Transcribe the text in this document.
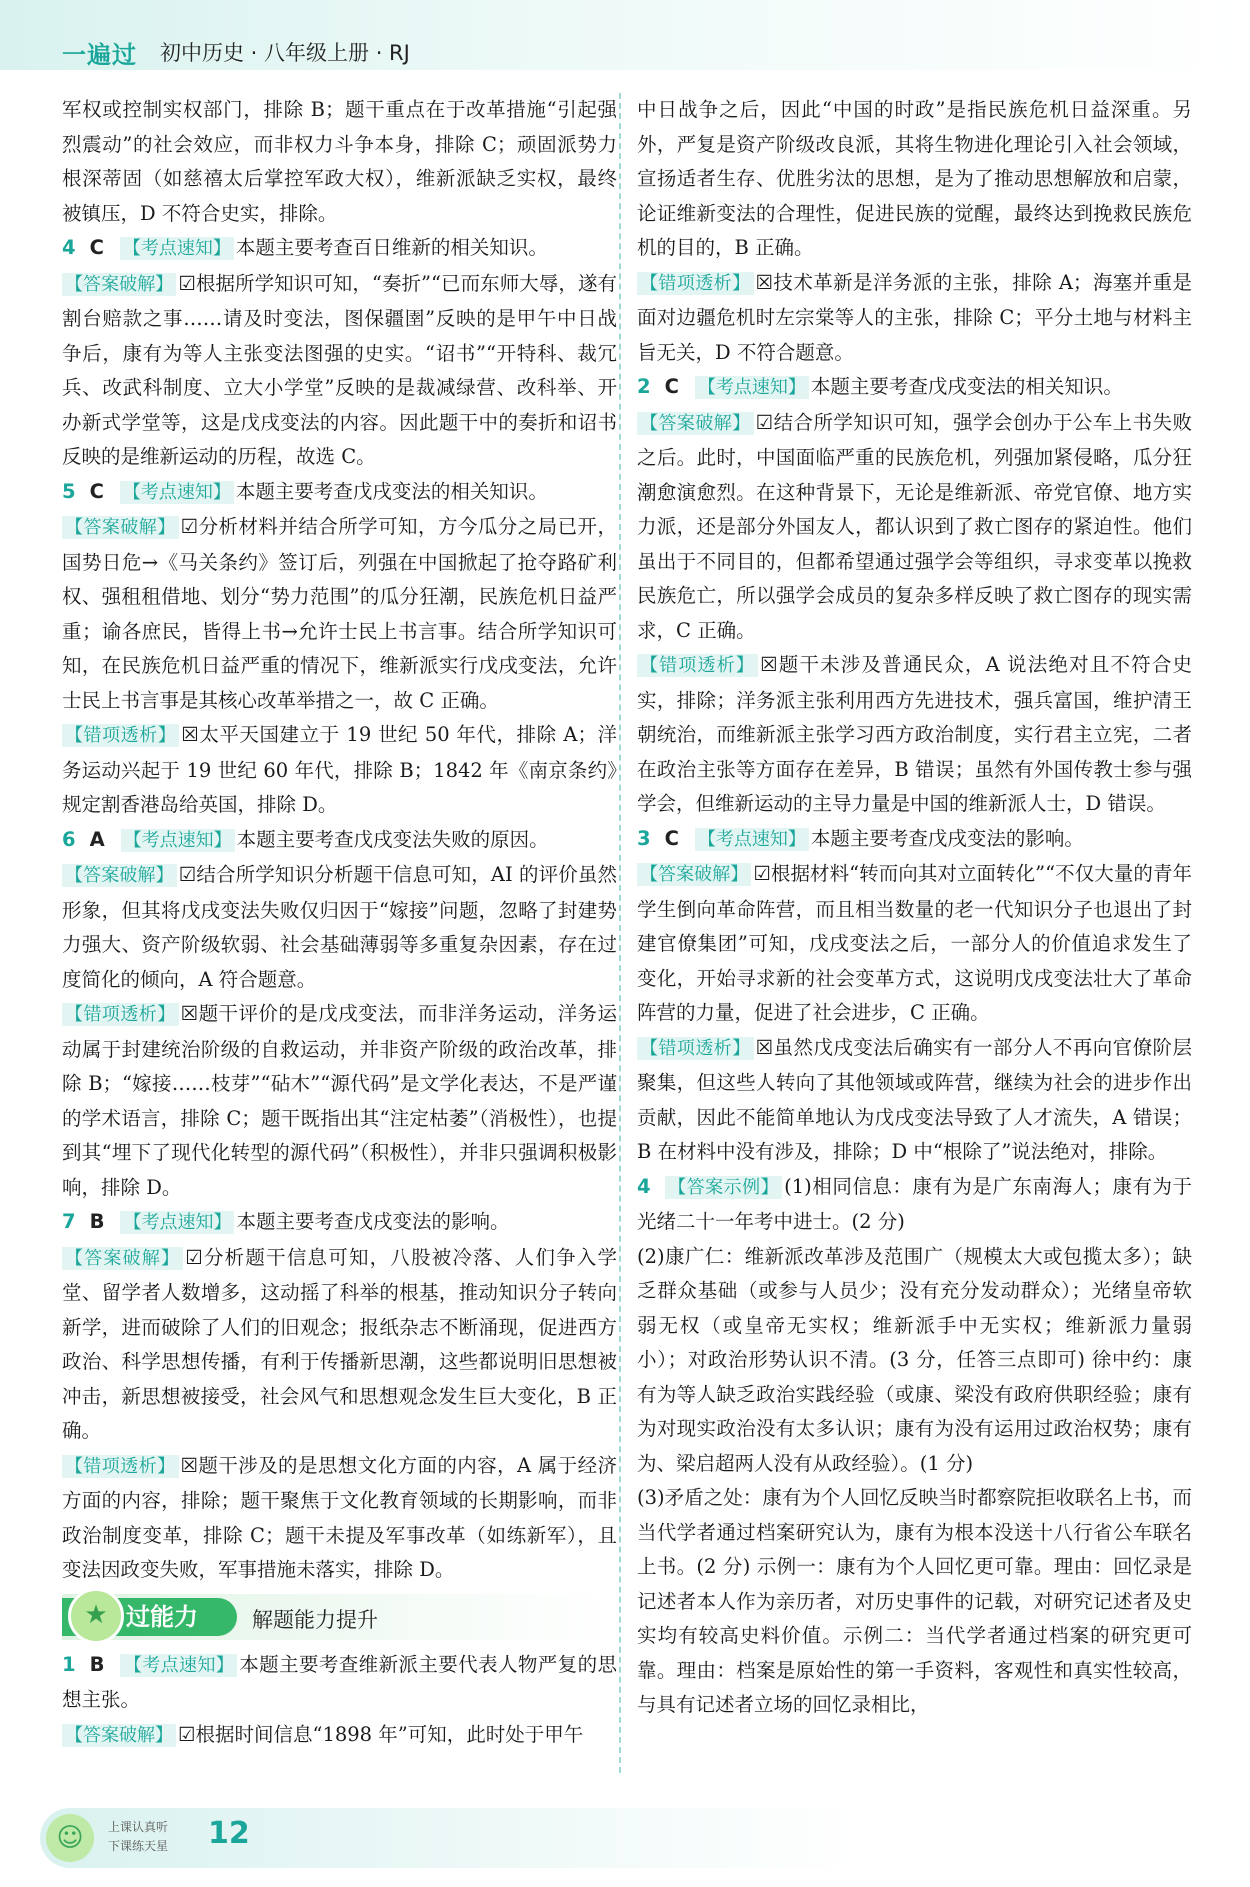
一遍过 初中历史 · 八年级上册 · RJ

军权或控制实权部门，排除 B；题干重点在于改革措施“引起强烈震动”的社会效应，而非权力斗争本身，排除 C；顽固派势力根深蒂固（如慈禧太后掌控军政大权），维新派缺乏实权，最终被镇压，D 不符合史实，排除。

4 C 【考点速知】 本题主要考查百日维新的相关知识。

【答案破解】 ☑根据所学知识可知，“奏折”“已而东师大辱，遂有割台赔款之事……请及时变法，图保疆圉”反映的是甲午中日战争后，康有为等人主张变法图强的史实。“诏书”“开特科、裁冗兵、改武科制度、立大小学堂”反映的是裁减绿营、改科举、开办新式学堂等，这是戊戌变法的内容。因此题干中的奏折和诏书反映的是维新运动的历程，故选 C。

5 C 【考点速知】 本题主要考查戊戌变法的相关知识。

【答案破解】 ☑分析材料并结合所学可知，方今瓜分之局已开，国势日危→《马关条约》签订后，列强在中国掀起了抢夺路矿利权、强租租借地、划分“势力范围”的瓜分狂潮，民族危机日益严重；谕各庶民，皆得上书→允许士民上书言事。结合所学知识可知，在民族危机日益严重的情况下，维新派实行戊戌变法，允许士民上书言事是其核心改革举措之一，故 C 正确。

【错项透析】 ☒太平天国建立于 19 世纪 50 年代，排除 A；洋务运动兴起于 19 世纪 60 年代，排除 B；1842 年《南京条约》规定割香港岛给英国，排除 D。

6 A 【考点速知】 本题主要考查戊戌变法失败的原因。

【答案破解】 ☑结合所学知识分析题干信息可知，AI 的评价虽然形象，但其将戊戌变法失败仅归因于“嫁接”问题，忽略了封建势力强大、资产阶级软弱、社会基础薄弱等多重复杂因素，存在过度简化的倾向，A 符合题意。

【错项透析】 ☒题干评价的是戊戌变法，而非洋务运动，洋务运动属于封建统治阶级的自救运动，并非资产阶级的政治改革，排除 B；“嫁接……枝芽”“砧木”“源代码”是文学化表达，不是严谨的学术语言，排除 C；题干既指出其“注定枯萎”（消极性），也提到其“埋下了现代化转型的源代码”（积极性），并非只强调积极影响，排除 D。

7 B 【考点速知】 本题主要考查戊戌变法的影响。

【答案破解】 ☑分析题干信息可知，八股被冷落、人们争入学堂、留学者人数增多，这动摇了科举的根基，推动知识分子转向新学，进而破除了人们的旧观念；报纸杂志不断涌现，促进西方政治、科学思想传播，有利于传播新思潮，这些都说明旧思想被冲击，新思想被接受，社会风气和思想观念发生巨大变化，B 正确。

【错项透析】 ☒题干涉及的是思想文化方面的内容，A 属于经济方面的内容，排除；题干聚焦于文化教育领域的长期影响，而非政治制度变革，排除 C；题干未提及军事改革（如练新军），且变法因政变失败，军事措施未落实，排除 D。

★ 过能力	解题能力提升

1 B 【考点速知】 本题主要考查维新派主要代表人物严复的思想主张。

【答案破解】 ☑根据时间信息“1898 年”可知，此时处于甲午

中日战争之后，因此“中国的时政”是指民族危机日益深重。另外，严复是资产阶级改良派，其将生物进化理论引入社会领域，宣扬适者生存、优胜劣汰的思想，是为了推动思想解放和启蒙，论证维新变法的合理性，促进民族的觉醒，最终达到挽救民族危机的目的，B 正确。

【错项透析】 ☒技术革新是洋务派的主张，排除 A；海塞并重是面对边疆危机时左宗棠等人的主张，排除 C；平分土地与材料主旨无关，D 不符合题意。

2 C 【考点速知】 本题主要考查戊戌变法的相关知识。

【答案破解】 ☑结合所学知识可知，强学会创办于公车上书失败之后。此时，中国面临严重的民族危机，列强加紧侵略，瓜分狂潮愈演愈烈。在这种背景下，无论是维新派、帝党官僚、地方实力派，还是部分外国友人，都认识到了救亡图存的紧迫性。他们虽出于不同目的，但都希望通过强学会等组织，寻求变革以挽救民族危亡，所以强学会成员的复杂多样反映了救亡图存的现实需求，C 正确。

【错项透析】 ☒题干未涉及普通民众，A 说法绝对且不符合史实，排除；洋务派主张利用西方先进技术，强兵富国，维护清王朝统治，而维新派主张学习西方政治制度，实行君主立宪，二者在政治主张等方面存在差异，B 错误；虽然有外国传教士参与强学会，但维新运动的主导力量是中国的维新派人士，D 错误。

3 C 【考点速知】 本题主要考查戊戌变法的影响。

【答案破解】 ☑根据材料“转而向其对立面转化”“不仅大量的青年学生倒向革命阵营，而且相当数量的老一代知识分子也退出了封建官僚集团”可知，戊戌变法之后，一部分人的价值追求发生了变化，开始寻求新的社会变革方式，这说明戊戌变法壮大了革命阵营的力量，促进了社会进步，C 正确。

【错项透析】 ☒虽然戊戌变法后确实有一部分人不再向官僚阶层聚集，但这些人转向了其他领域或阵营，继续为社会的进步作出贡献，因此不能简单地认为戊戌变法导致了人才流失，A 错误；B 在材料中没有涉及，排除；D 中“根除了”说法绝对，排除。

4 【答案示例】 (1)相同信息：康有为是广东南海人；康有为于光绪二十一年考中进士。(2 分)

(2)康广仁：维新派改革涉及范围广（规模太大或包揽太多）；缺乏群众基础（或参与人员少；没有充分发动群众）；光绪皇帝软弱无权（或皇帝无实权；维新派手中无实权；维新派力量弱小）；对政治形势认识不清。(3 分，任答三点即可) 徐中约：康有为等人缺乏政治实践经验（或康、梁没有政府供职经验；康有为对现实政治没有太多认识；康有为没有运用过政治权势；康有为、梁启超两人没有从政经验）。(1 分)

(3)矛盾之处：康有为个人回忆反映当时都察院拒收联名上书，而当代学者通过档案研究认为，康有为根本没送十八行省公车联名上书。(2 分) 示例一：康有为个人回忆更可靠。理由：回忆录是记述者本人作为亲历者，对历史事件的记载，对研究记述者及史实均有较高史料价值。示例二：当代学者通过档案的研究更可靠。理由：档案是原始性的第一手资料，客观性和真实性较高，与具有记述者立场的回忆录相比，

☺	上课认真听
下课练天星 12
